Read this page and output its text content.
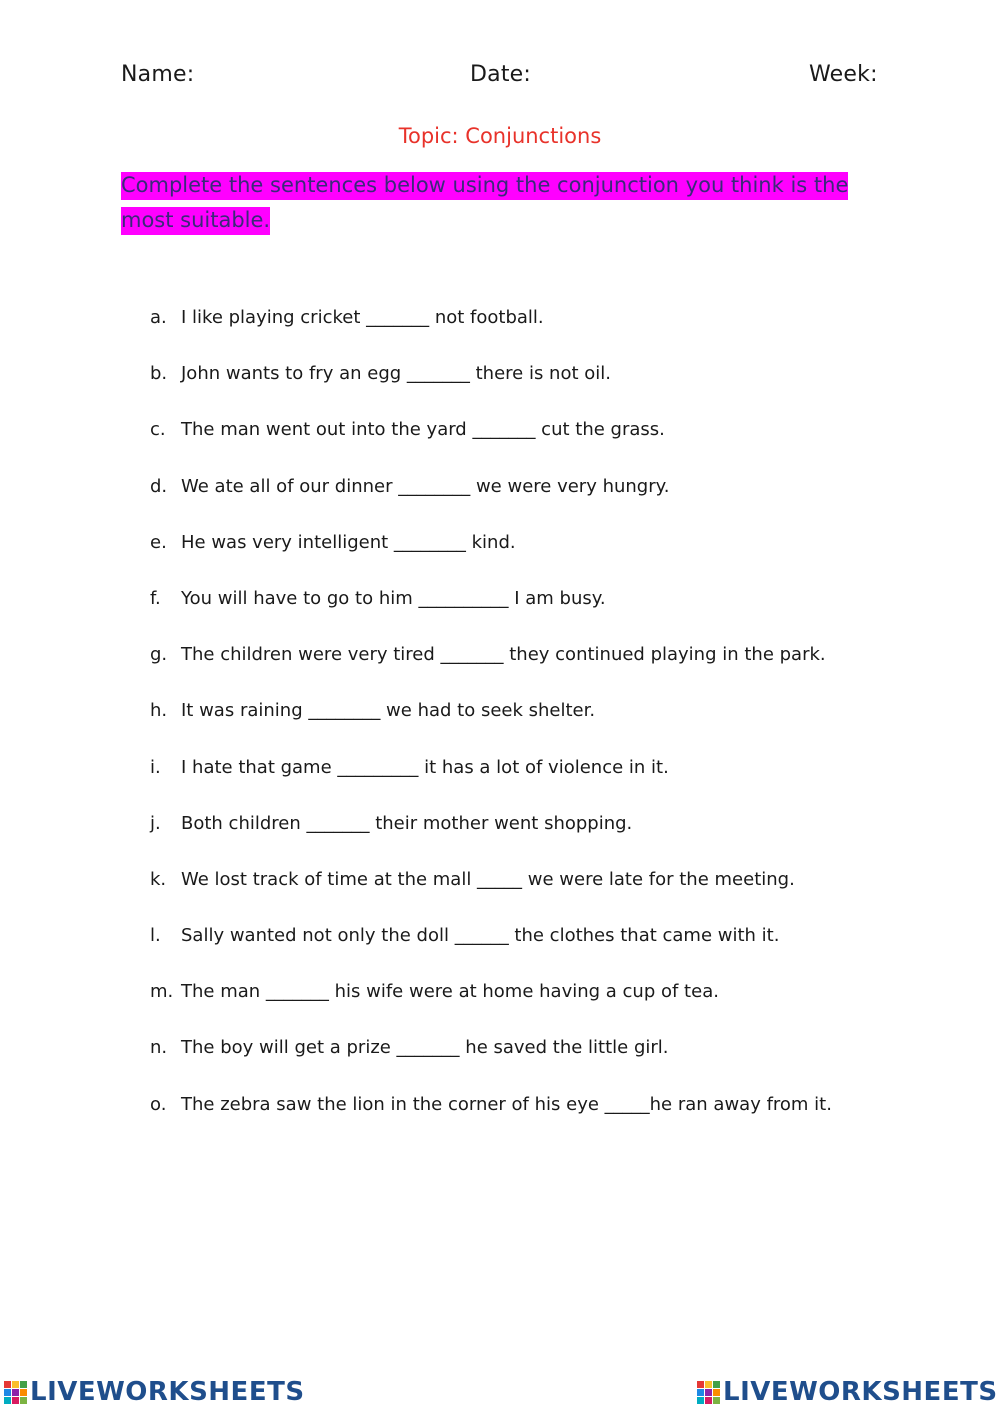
Name:	Date:	Week:
Topic: Conjunctions
Complete the sentences below using the conjunction you think is the most suitable.
a. I like playing cricket _______ not football.
b. John wants to fry an egg _______ there is not oil.
c. The man went out into the yard _______ cut the grass.
d. We ate all of our dinner ________ we were very hungry.
e. He was very intelligent ________ kind.
f.	You will have to go to him __________ I am busy.
g. The children were very tired _______ they continued playing in the park.
h. It was raining ________ we had to seek shelter.
i.	I hate that game _________ it has a lot of violence in it.
j.	Both children _______ their mother went shopping.
k. We lost track of time at the mall _____ we were late for the meeting.
l.	Sally wanted not only the doll ______ the clothes that came with it.
m. The man _______ his wife were at home having a cup of tea.
n. The boy will get a prize _______ he saved the little girl.
o. The zebra saw the lion in the corner of his eye _____he ran away from it.
LIVEWORKSHEETS	LIVEWORKSHEETS
